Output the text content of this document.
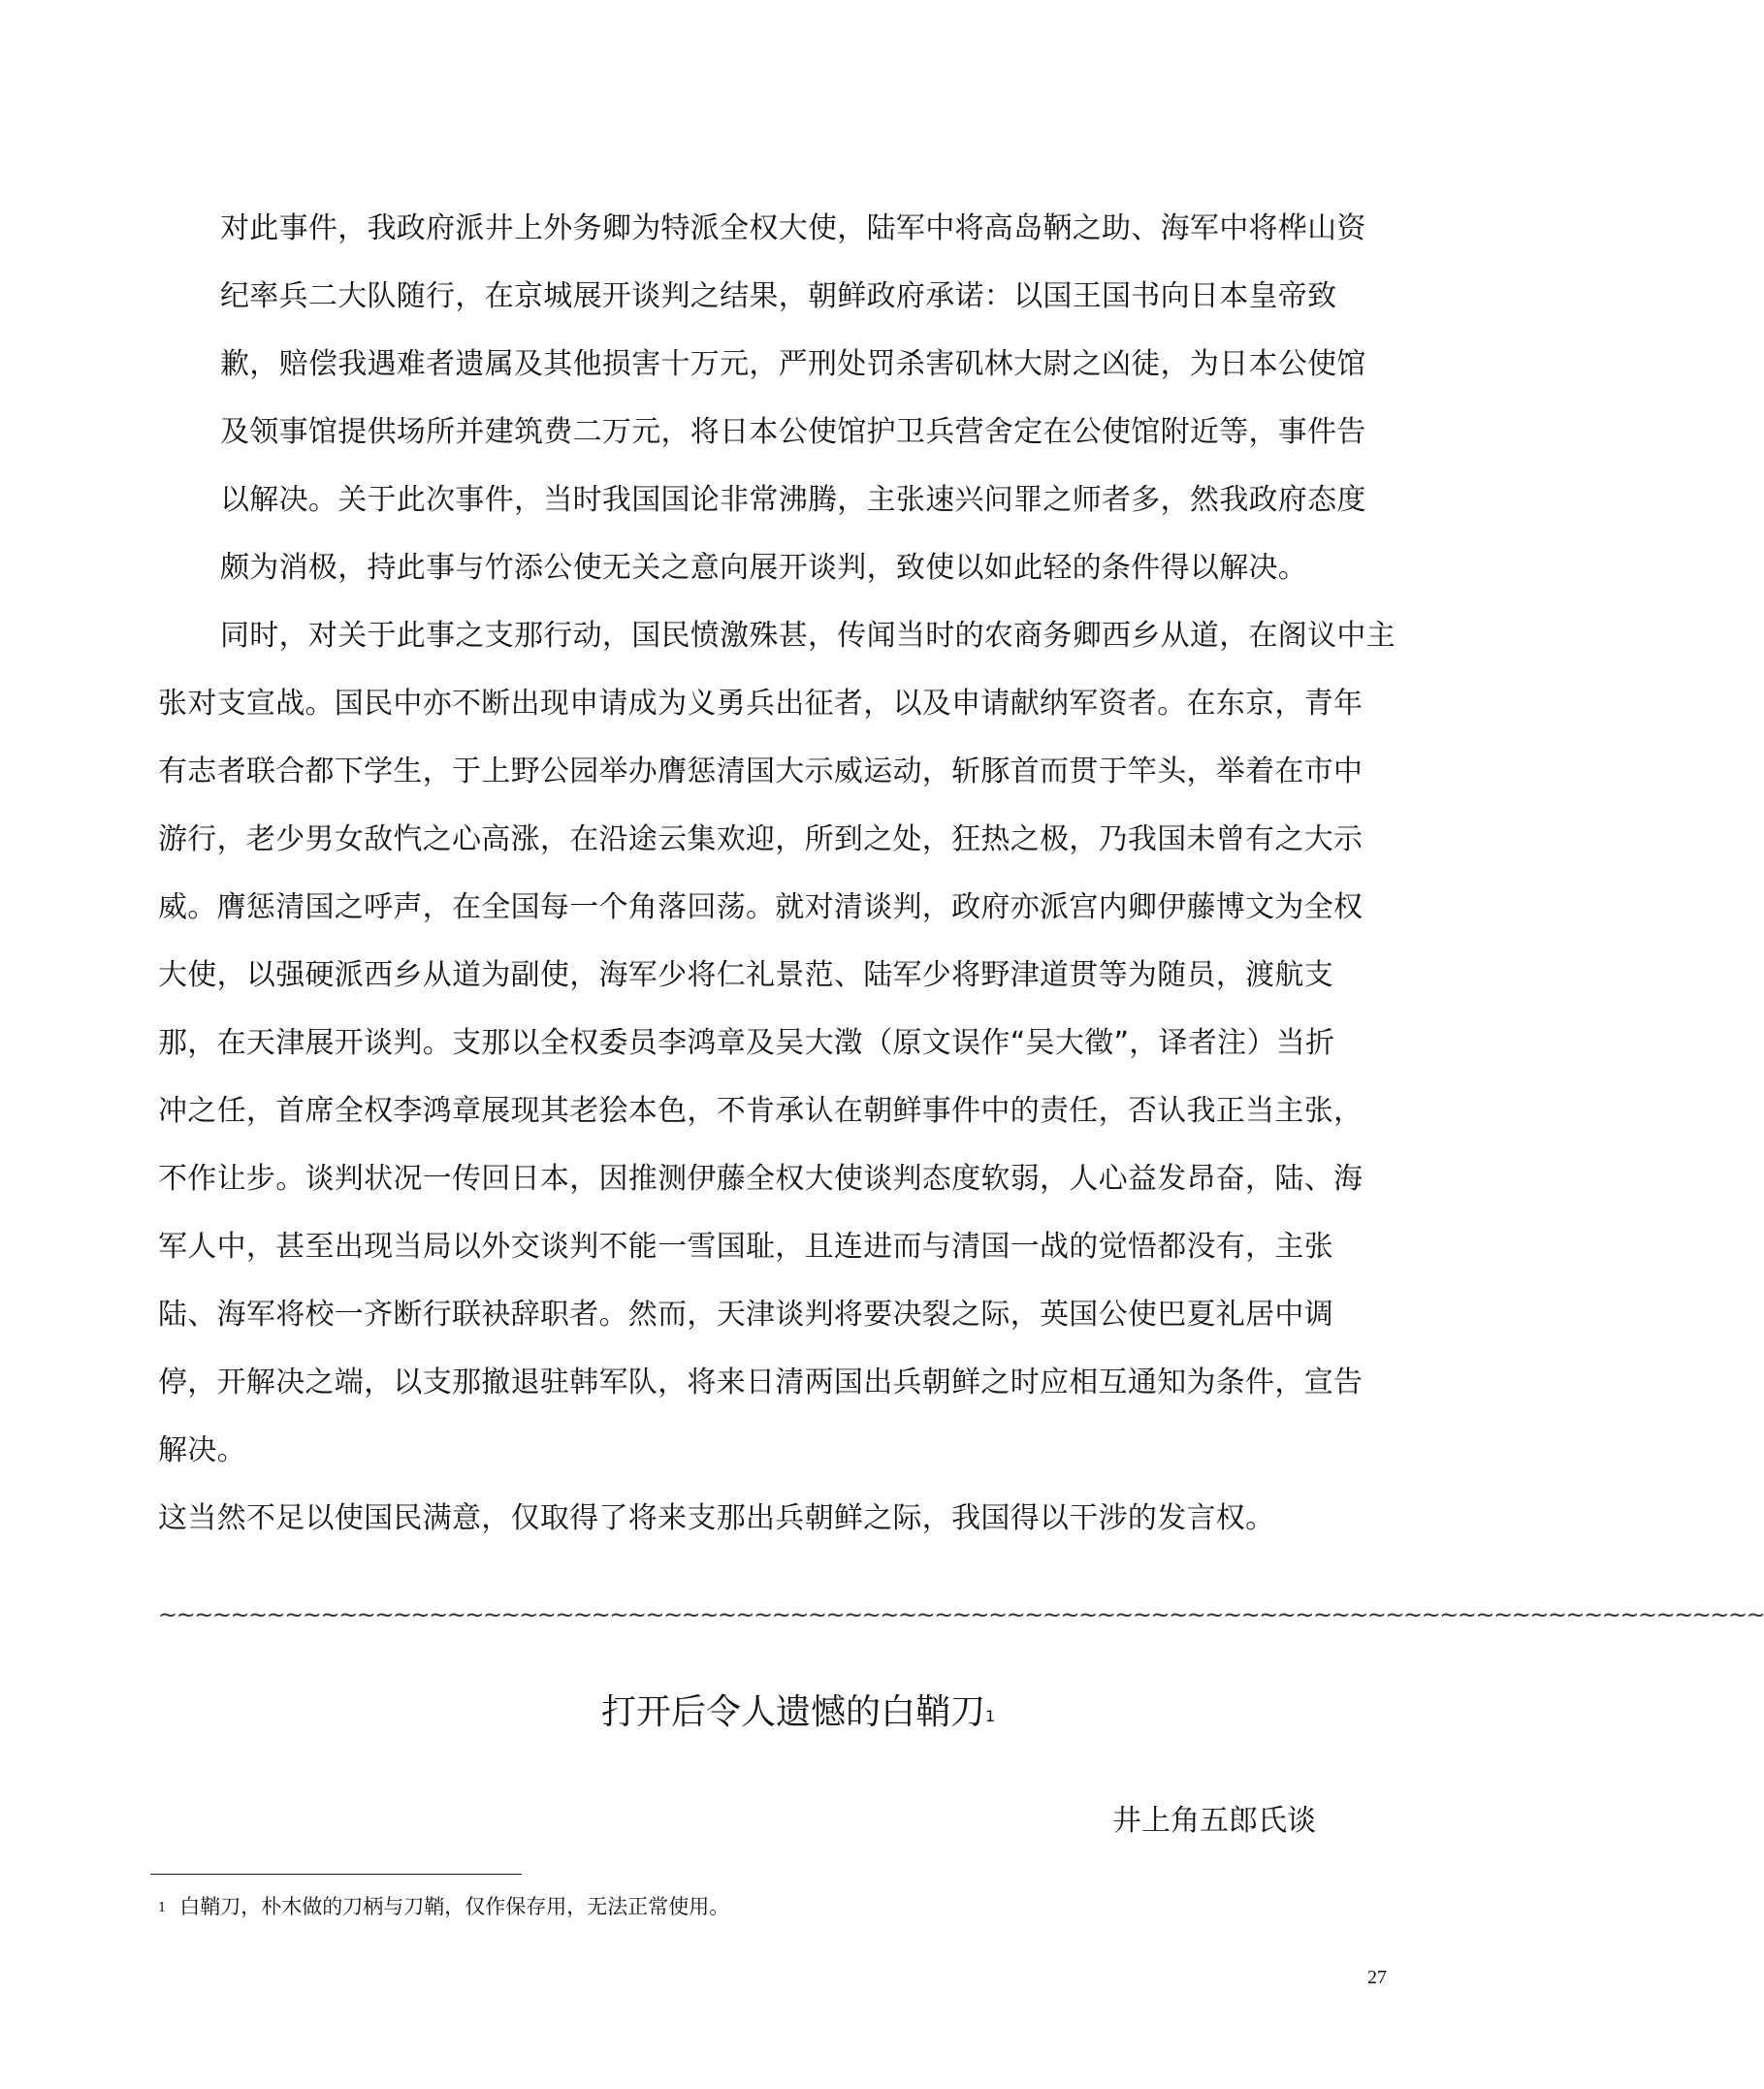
对此事件，我政府派井上外务卿为特派全权大使，陆军中将高岛鞆之助、海军中将桦山资
纪率兵二大队随行，在京城展开谈判之结果，朝鲜政府承诺：以国王国书向日本皇帝致
歉，赔偿我遇难者遗属及其他损害十万元，严刑处罚杀害矶林大尉之凶徒，为日本公使馆
及领事馆提供场所并建筑费二万元，将日本公使馆护卫兵营舍定在公使馆附近等，事件告
以解决。关于此次事件，当时我国国论非常沸腾，主张速兴问罪之师者多，然我政府态度
颇为消极，持此事与竹添公使无关之意向展开谈判，致使以如此轻的条件得以解决。
同时，对关于此事之支那行动，国民愤激殊甚，传闻当时的农商务卿西乡从道，在阁议中主
张对支宣战。国民中亦不断出现申请成为义勇兵出征者，以及申请献纳军资者。在东京，青年
有志者联合都下学生，于上野公园举办膺惩清国大示威运动，斩豚首而贯于竿头，举着在市中
游行，老少男女敌忾之心高涨，在沿途云集欢迎，所到之处，狂热之极，乃我国未曾有之大示
威。膺惩清国之呼声，在全国每一个角落回荡。就对清谈判，政府亦派宫内卿伊藤博文为全权
大使，以强硬派西乡从道为副使，海军少将仁礼景范、陆军少将野津道贯等为随员，渡航支
那，在天津展开谈判。支那以全权委员李鸿章及吴大澂（原文误作“吴大徵”，译者注）当折
冲之任，首席全权李鸿章展现其老狯本色，不肯承认在朝鲜事件中的责任，否认我正当主张，
不作让步。谈判状况一传回日本，因推测伊藤全权大使谈判态度软弱，人心益发昂奋，陆、海
军人中，甚至出现当局以外交谈判不能一雪国耻，且连进而与清国一战的觉悟都没有，主张
陆、海军将校一齐断行联袂辞职者。然而，天津谈判将要决裂之际，英国公使巴夏礼居中调
停，开解决之端，以支那撤退驻韩军队，将来日清两国出兵朝鲜之时应相互通知为条件，宣告
解决。
这当然不足以使国民满意，仅取得了将来支那出兵朝鲜之际，我国得以干涉的发言权。
~~~~~~~~~~~~~~~~~~~~~~~~~~~~~~~~~~~~~~~~~~~~~~~~~~~~~~~~~~~~~~~~~~~~~~~~~~~~~~~~~~~~~~~~~
打开后令人遗憾的白鞘刀$^1$
井上角五郎氏谈
$^1$ 白鞘刀，朴木做的刀柄与刀鞘，仅作保存用，无法正常使用。
27
